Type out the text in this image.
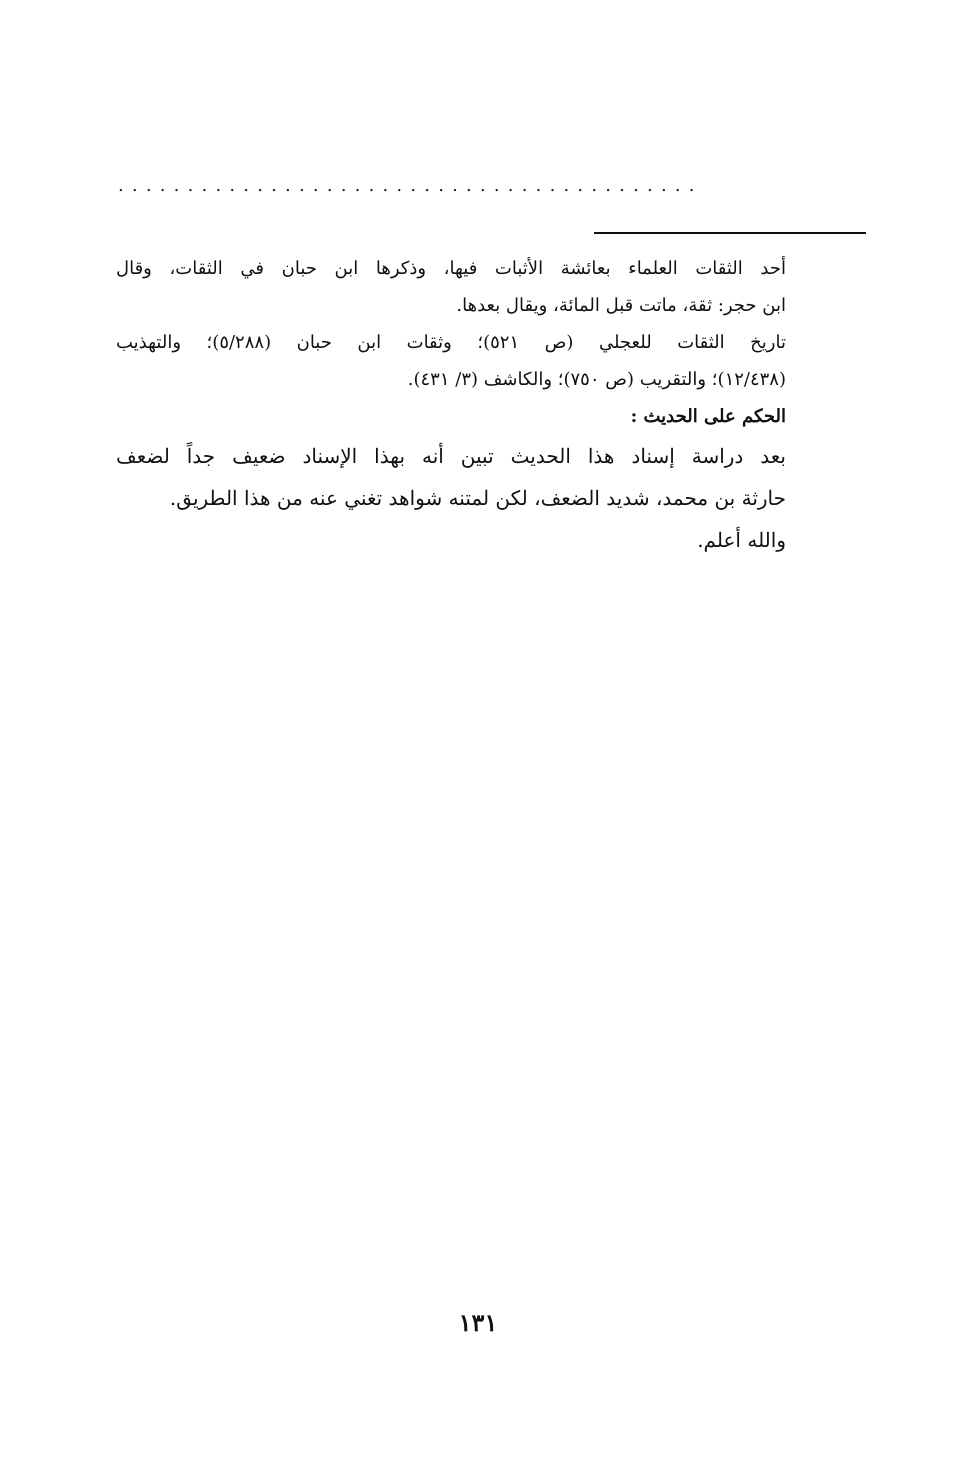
..........................................
أحد الثقات العلماء بعائشة الأثبات فيها، وذكرها ابن حبان في الثقات، وقال
ابن حجر: ثقة، ماتت قبل المائة، ويقال بعدها.
تاريخ الثقات للعجلي (ص ٥٢١)؛ وثقات ابن حبان (٥/٢٨٨)؛ والتهذيب
(١٢/٤٣٨)؛ والتقريب (ص ٧٥٠)؛ والكاشف (٣/ ٤٣١).
الحكم على الحديث :
بعد دراسة إسناد هذا الحديث تبين أنه بهذا الإسناد ضعيف جداً لضعف
حارثة بن محمد، شديد الضعف، لكن لمتنه شواهد تغني عنه من هذا الطريق.
والله أعلم.
١٣١
